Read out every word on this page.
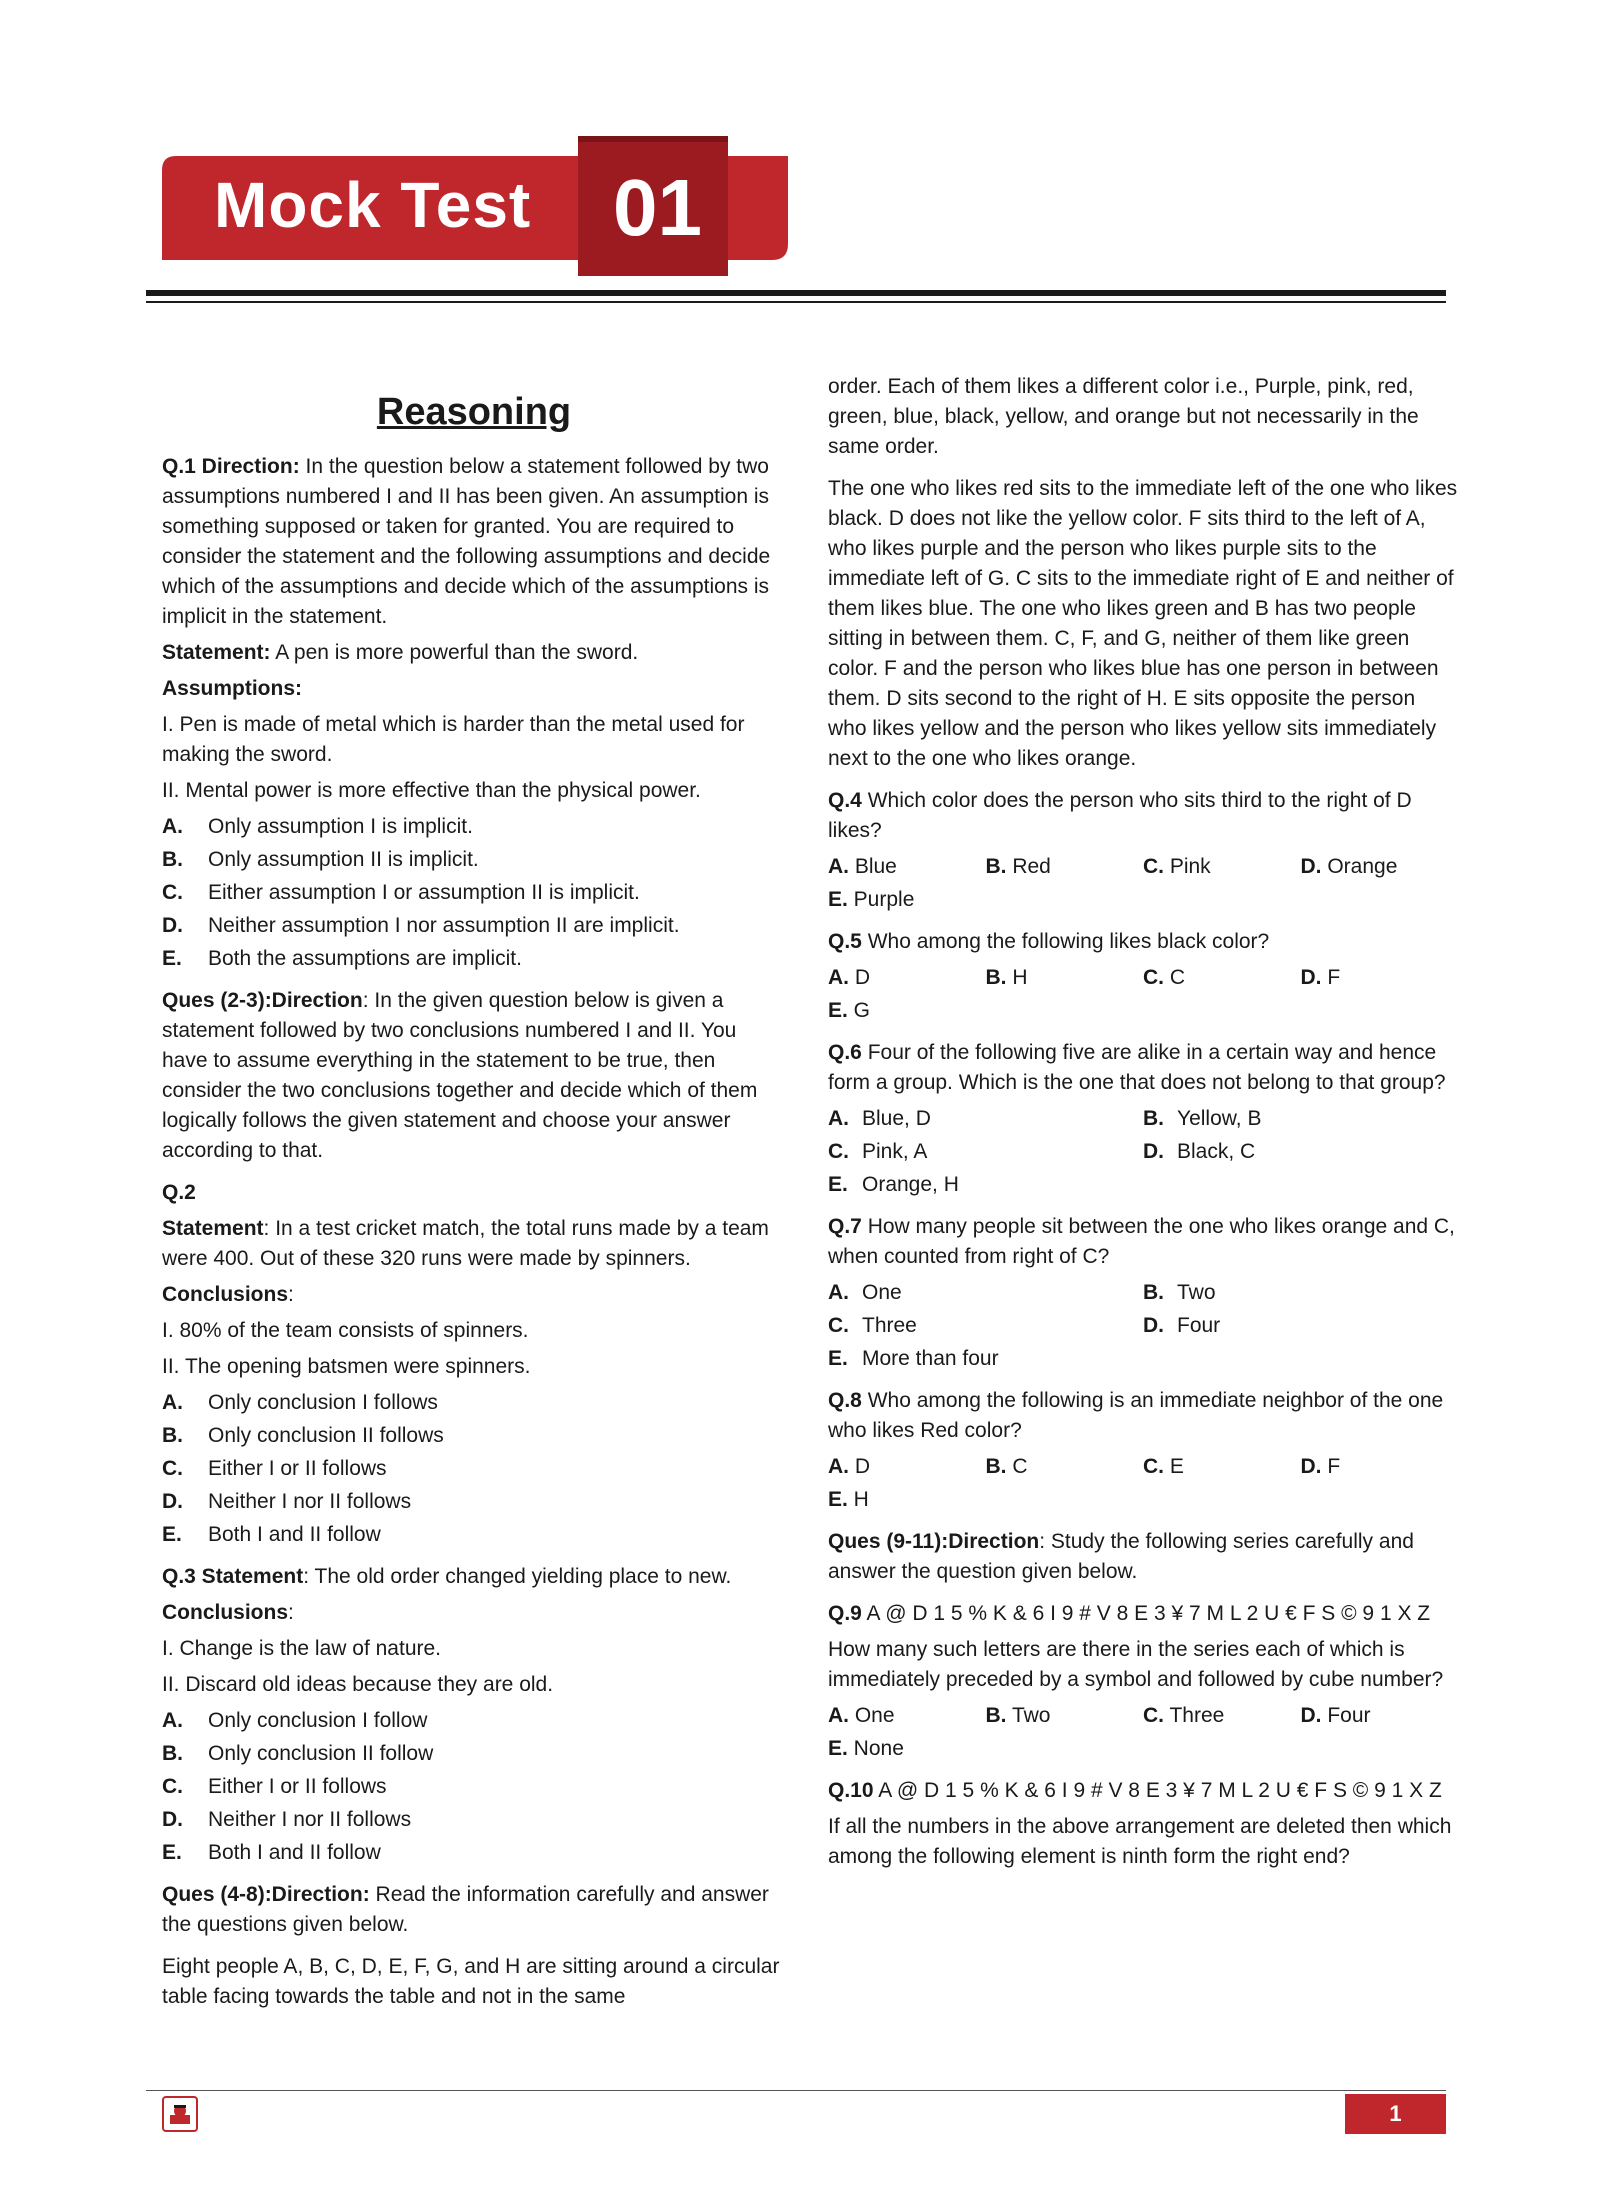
Mock Test 01
Reasoning

Q.1 Direction: In the question below a statement followed by two assumptions numbered I and II has been given. An assumption is something supposed or taken for granted. You are required to consider the statement and the following assumptions and decide which of the assumptions and decide which of the assumptions is implicit in the statement.

Statement: A pen is more powerful than the sword.

Assumptions:

I. Pen is made of metal which is harder than the metal used for making the sword.

II. Mental power is more effective than the physical power.

A.	Only assumption I is implicit.
B.	Only assumption II is implicit.
C.	Either assumption I or assumption II is implicit.
D.	Neither assumption I nor assumption II are implicit.
E.	Both the assumptions are implicit.

Ques (2-3):Direction: In the given question below is given a statement followed by two conclusions numbered I and II. You have to assume everything in the statement to be true, then consider the two conclusions together and decide which of them logically follows the given statement and choose your answer according to that.

Q.2

Statement: In a test cricket match, the total runs made by a team were 400. Out of these 320 runs were made by spinners.

Conclusions:

I. 80% of the team consists of spinners.

II. The opening batsmen were spinners.

A.	Only conclusion I follows
B.	Only conclusion II follows
C.	Either I or II follows
D.	Neither I nor II follows
E.	Both I and II follow

Q.3 Statement: The old order changed yielding place to new.

Conclusions:

I. Change is the law of nature.

II. Discard old ideas because they are old.

A.	Only conclusion I follow
B.	Only conclusion II follow
C.	Either I or II follows
D.	Neither I nor II follows
E.	Both I and II follow

Ques (4-8):Direction: Read the information carefully and answer the questions given below.

Eight people A, B, C, D, E, F, G, and H are sitting around a circular table facing towards the table and not in the same

order. Each of them likes a different color i.e., Purple, pink, red, green, blue, black, yellow, and orange but not necessarily in the same order.

The one who likes red sits to the immediate left of the one who likes black. D does not like the yellow color. F sits third to the left of A, who likes purple and the person who likes purple sits to the immediate left of G. C sits to the immediate right of E and neither of them likes blue. The one who likes green and B has two people sitting in between them. C, F, and G, neither of them like green color. F and the person who likes blue has one person in between them. D sits second to the right of H. E sits opposite the person who likes yellow and the person who likes yellow sits immediately next to the one who likes orange.

Q.4 Which color does the person who sits third to the right of D likes?

A. Blue	B. Red	C. Pink	D. Orange
E. Purple

Q.5 Who among the following likes black color?

A. D	B. H	C. C	D. F
E. G

Q.6 Four of the following five are alike in a certain way and hence form a group. Which is the one that does not belong to that group?

A. Blue, D	B. Yellow, B
C. Pink, A	D. Black, C
E. Orange, H

Q.7 How many people sit between the one who likes orange and C, when counted from right of C?

A. One	B. Two
C. Three	D. Four
E. More than four

Q.8 Who among the following is an immediate neighbor of the one who likes Red color?

A. D	B. C	C. E	D. F
E. H

Ques (9-11):Direction: Study the following series carefully and answer the question given below.

Q.9 A @ D 1 5 % K & 6 I 9 # V 8 E 3 ¥ 7 M L 2 U € F S © 9 1 X Z

How many such letters are there in the series each of which is immediately preceded by a symbol and followed by cube number?

A. One	B. Two	C. Three	D. Four
E. None

Q.10 A @ D 1 5 % K & 6 I 9 # V 8 E 3 ¥ 7 M L 2 U € F S © 9 1 X Z

If all the numbers in the above arrangement are deleted then which among the following element is ninth form the right end?

1
